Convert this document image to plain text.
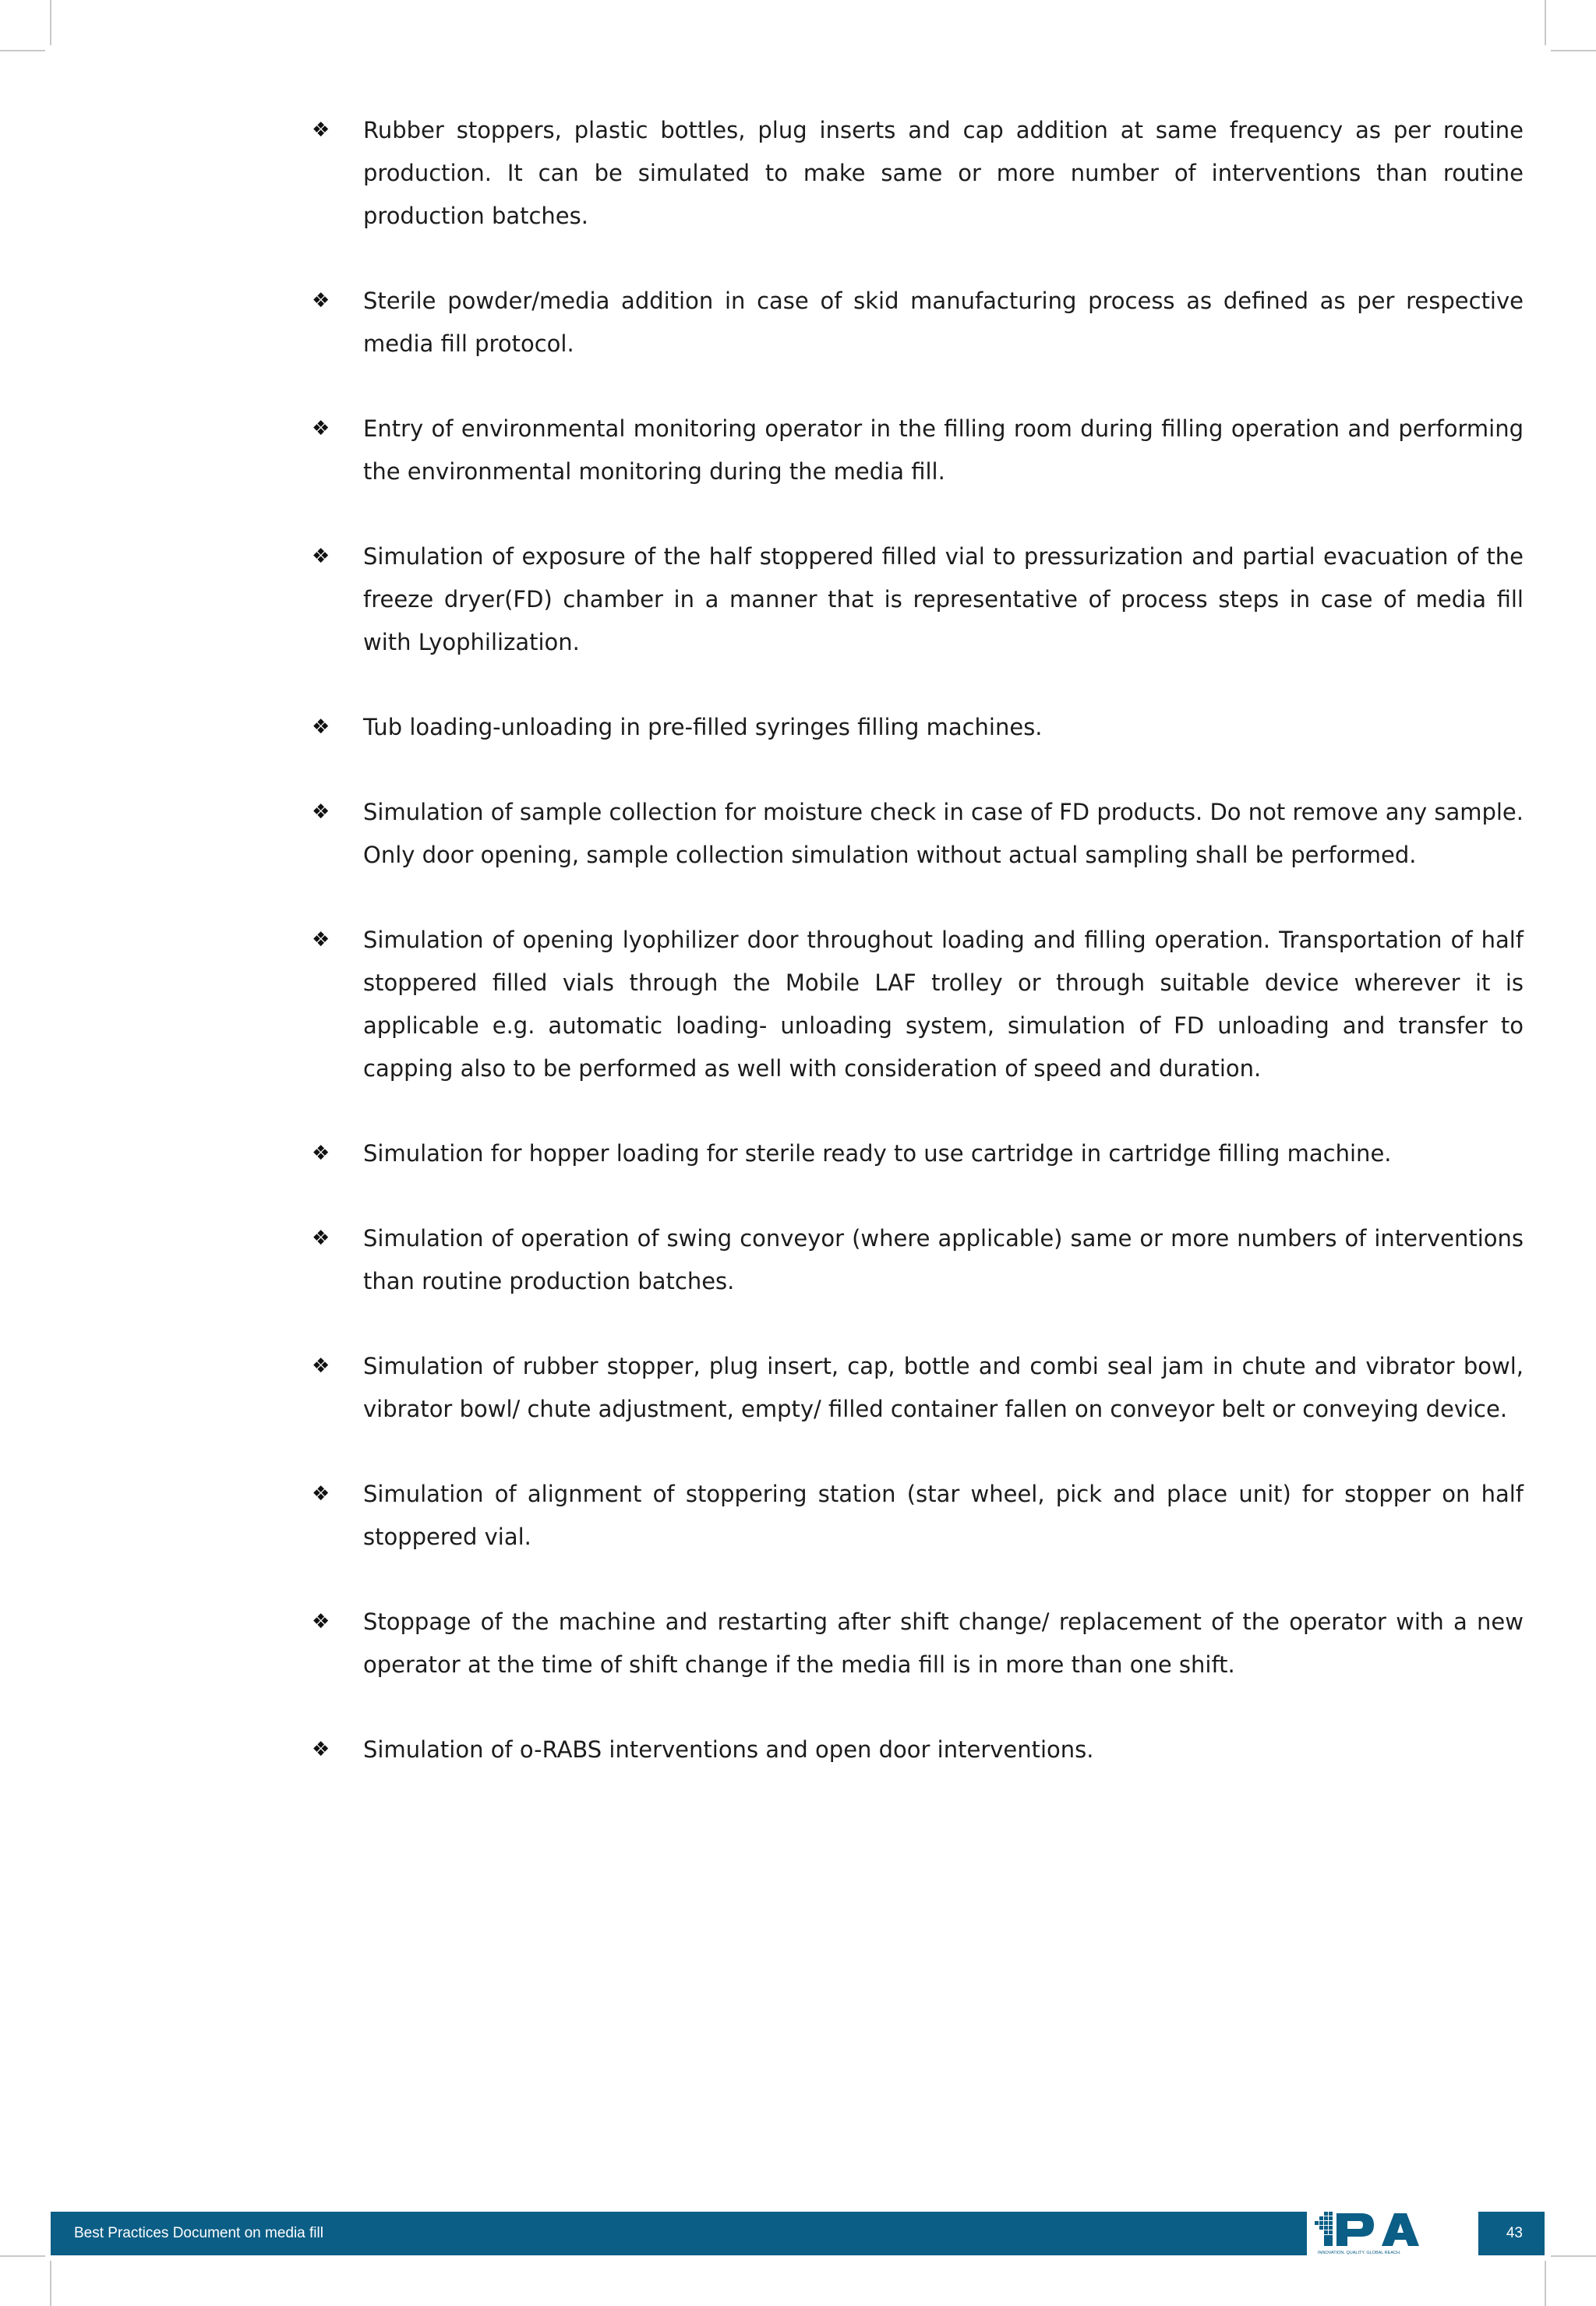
❖	Rubber stoppers, plastic bottles, plug inserts and cap addition at same frequency as per routine production. It can be simulated to make same or more number of interventions than routine production batches.
❖	Sterile powder/media addition in case of skid manufacturing process as defined as per respective media fill protocol.
❖	Entry of environmental monitoring operator in the filling room during filling operation and performing the environmental monitoring during the media fill.
❖	Simulation of exposure of the half stoppered filled vial to pressurization and partial evacuation of the freeze dryer(FD) chamber in a manner that is representative of process steps in case of media fill with Lyophilization.
❖	Tub loading-unloading in pre-filled syringes filling machines.
❖	Simulation of sample collection for moisture check in case of FD products. Do not remove any sample. Only door opening, sample collection simulation without actual sampling shall be performed.
❖	Simulation of opening lyophilizer door throughout loading and filling operation. Transportation of half stoppered filled vials through the Mobile LAF trolley or through suitable device wherever it is applicable e.g. automatic loading- unloading system, simulation of FD unloading and transfer to capping also to be performed as well with consideration of speed and duration.
❖	Simulation for hopper loading for sterile ready to use cartridge in cartridge filling machine.
❖	Simulation of operation of swing conveyor (where applicable) same or more numbers of interventions than routine production batches.
❖	Simulation of rubber stopper, plug insert, cap, bottle and combi seal jam in chute and vibrator bowl, vibrator bowl/ chute adjustment, empty/ filled container fallen on conveyor belt or conveying device.
❖	Simulation of alignment of stoppering station (star wheel, pick and place unit) for stopper on half stoppered vial.
❖	Stoppage of the machine and restarting after shift change/ replacement of the operator with a new operator at the time of shift change if the media fill is in more than one shift.
❖	Simulation of o-RABS interventions and open door interventions.
Best Practices Document on media fill
INNOVATION. QUALITY. GLOBAL REACH.
43
